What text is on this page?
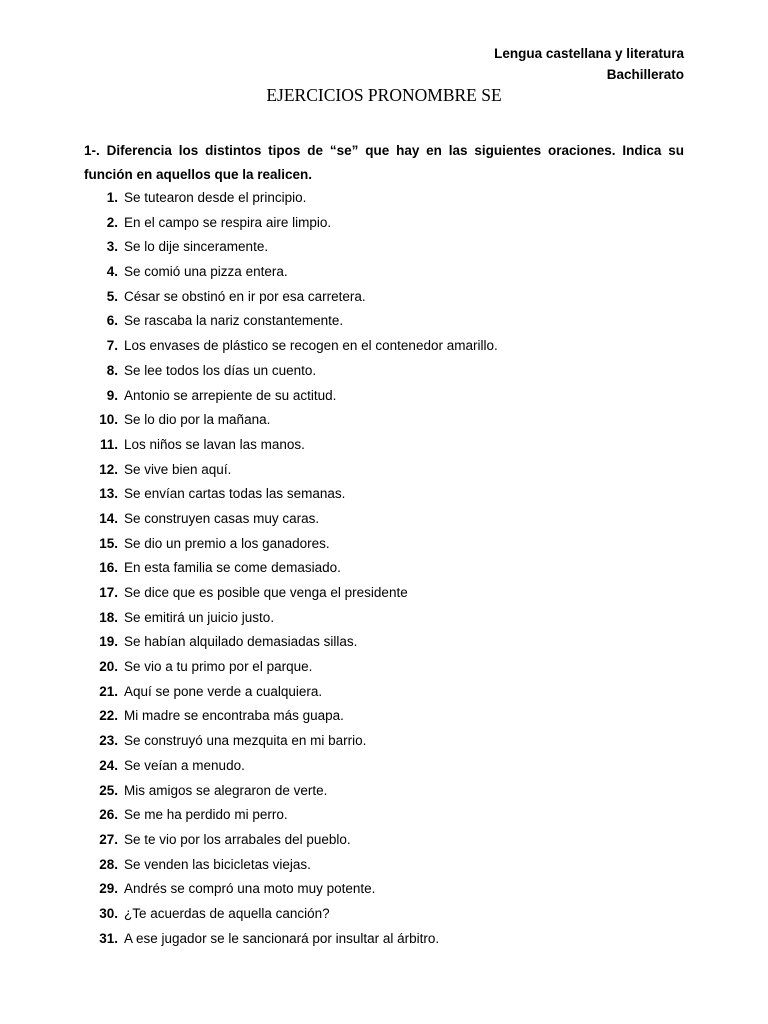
Lengua castellana y literatura
Bachillerato
EJERCICIOS PRONOMBRE SE
1-. Diferencia los distintos tipos de “se” que hay en las siguientes oraciones. Indica su función en aquellos que la realicen.
1. Se tutearon desde el principio.
2. En el campo se respira aire limpio.
3. Se lo dije sinceramente.
4. Se comió una pizza entera.
5. César se obstinó en ir por esa carretera.
6. Se rascaba la nariz constantemente.
7. Los envases de plástico se recogen en el contenedor amarillo.
8. Se lee todos los días un cuento.
9. Antonio se arrepiente de su actitud.
10. Se lo dio por la mañana.
11. Los niños se lavan las manos.
12. Se vive bien aquí.
13. Se envían cartas todas las semanas.
14. Se construyen casas muy caras.
15. Se dio un premio a los ganadores.
16. En esta familia se come demasiado.
17. Se dice que es posible que venga el presidente
18. Se emitirá un juicio justo.
19. Se habían alquilado demasiadas sillas.
20. Se vio a tu primo por el parque.
21. Aquí se pone verde a cualquiera.
22. Mi madre se encontraba más guapa.
23. Se construyó una mezquita en mi barrio.
24. Se veían a menudo.
25. Mis amigos se alegraron de verte.
26. Se me ha perdido mi perro.
27. Se te vio por los arrabales del pueblo.
28. Se venden las bicicletas viejas.
29. Andrés se compró una moto muy potente.
30. ¿Te acuerdas de aquella canción?
31. A ese jugador se le sancionará por insultar al árbitro.
